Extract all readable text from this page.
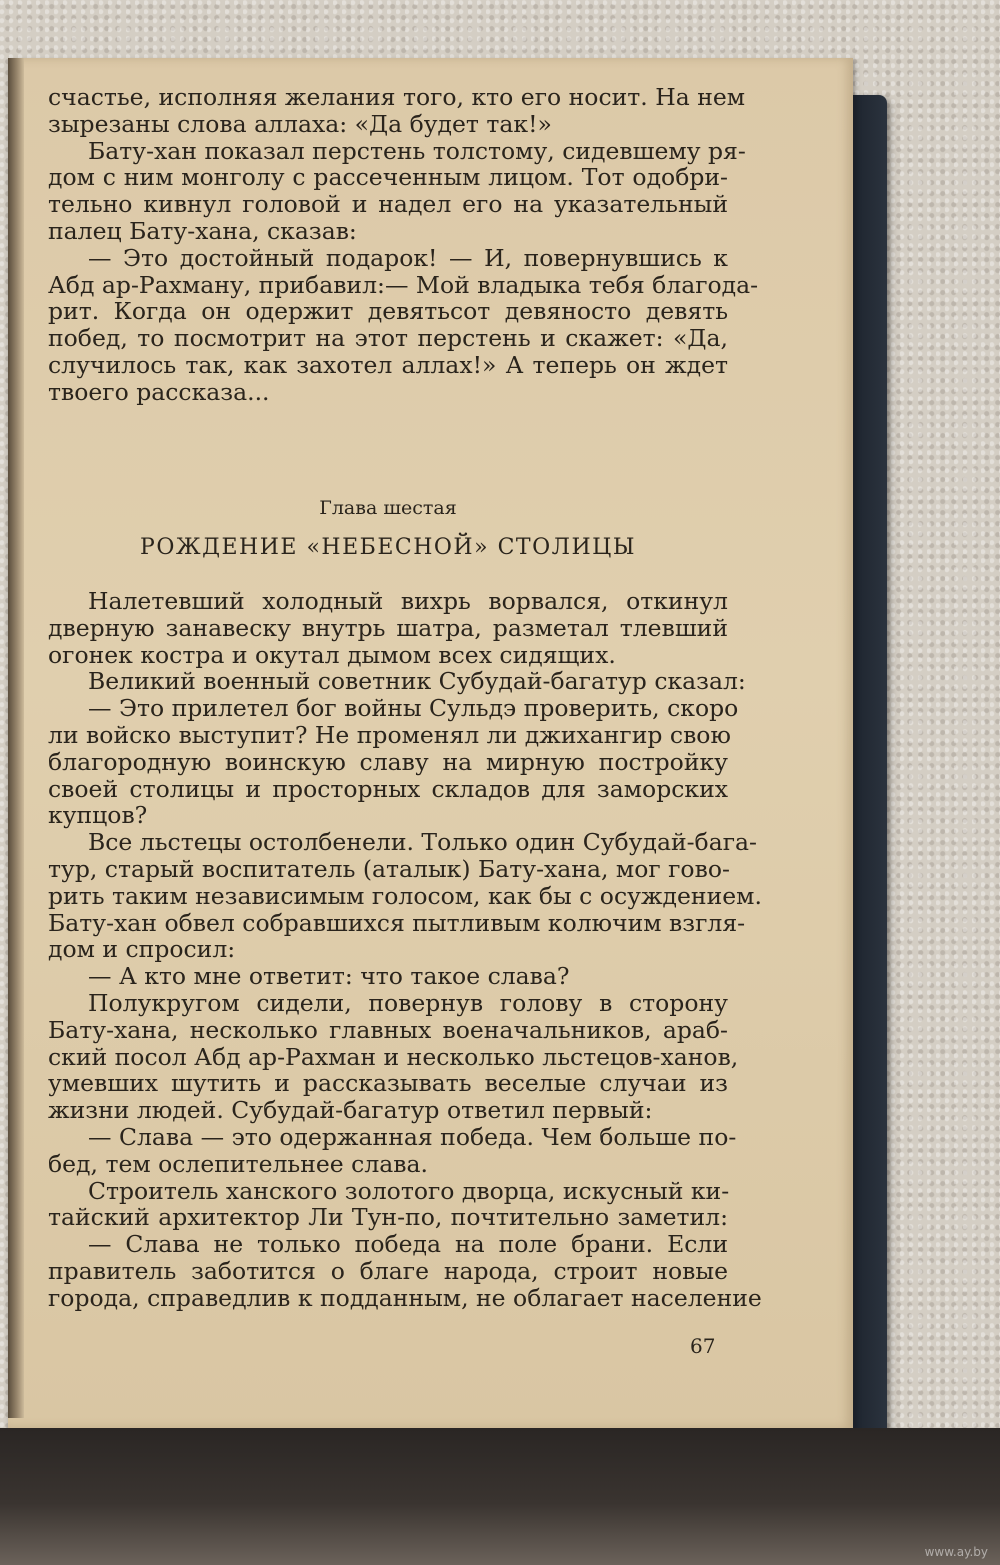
счастье, исполняя желания того, кто его носит. На нем
зырезаны слова аллаха: «Да будет так!»
Бату-хан показал перстень толстому, сидевшему ря-
дом с ним монголу с рассеченным лицом. Тот одобри-
тельно кивнул головой и надел его на указательный
палец Бату-хана, сказав:
— Это достойный подарок! — И, повернувшись к
Абд ар-Рахману, прибавил:— Мой владыка тебя благода-
рит. Когда он одержит девятьсот девяносто девять
побед, то посмотрит на этот перстень и скажет: «Да,
случилось так, как захотел аллах!» А теперь он ждет
твоего рассказа...
Глава шестая
РОЖДЕНИЕ «НЕБЕСНОЙ» СТОЛИЦЫ
Налетевший холодный вихрь ворвался, откинул
дверную занавеску внутрь шатра, разметал тлевший
огонек костра и окутал дымом всех сидящих.
Великий военный советник Субудай-багатур сказал:
— Это прилетел бог войны Сульдэ проверить, скоро
ли войско выступит? Не променял ли джихангир свою
благородную воинскую славу на мирную постройку
своей столицы и просторных складов для заморских
купцов?
Все льстецы остолбенели. Только один Субудай-бага-
тур, старый воспитатель (аталык) Бату-хана, мог гово-
рить таким независимым голосом, как бы с осуждением.
Бату-хан обвел собравшихся пытливым колючим взгля-
дом и спросил:
— А кто мне ответит: что такое слава?
Полукругом сидели, повернув голову в сторону
Бату-хана, несколько главных военачальников, араб-
ский посол Абд ар-Рахман и несколько льстецов-ханов,
умевших шутить и рассказывать веселые случаи из
жизни людей. Субудай-багатур ответил первый:
— Слава — это одержанная победа. Чем больше по-
бед, тем ослепительнее слава.
Строитель ханского золотого дворца, искусный ки-
тайский архитектор Ли Тун-по, почтительно заметил:
— Слава не только победа на поле брани. Если
правитель заботится о благе народа, строит новые
города, справедлив к подданным, не облагает население
67
www.ay.by
